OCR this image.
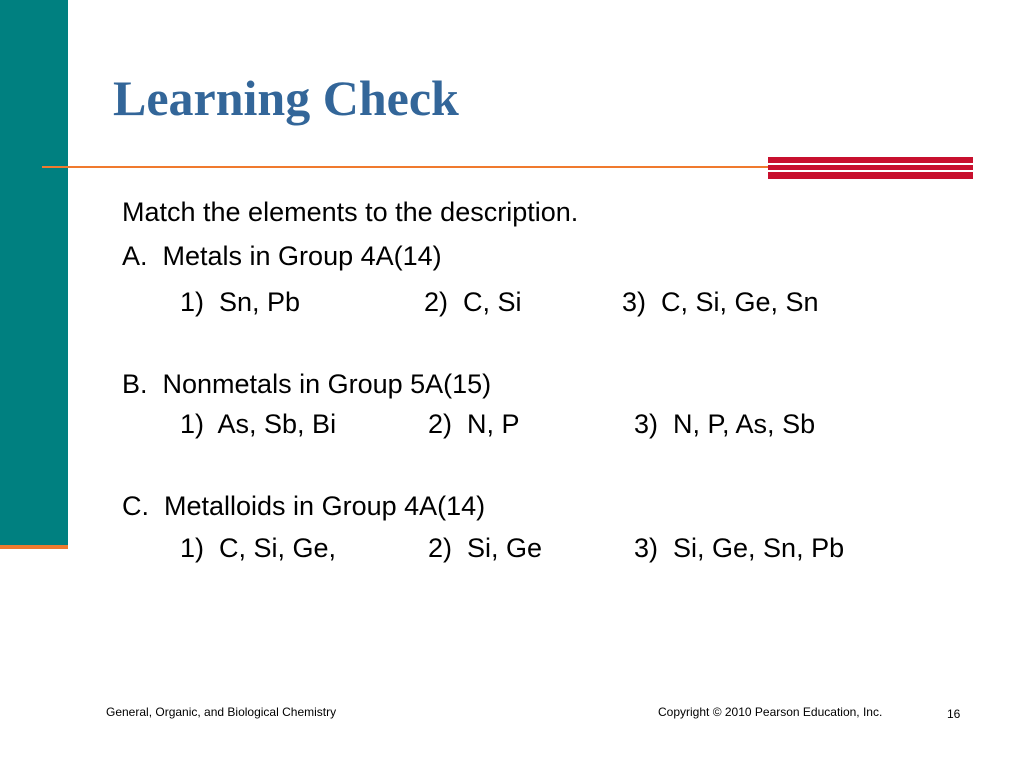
Learning Check
Match the elements to the description.
A.  Metals in Group 4A(14)
1)  Sn, Pb	2)  C, Si	3)  C, Si, Ge, Sn
B.  Nonmetals in Group 5A(15)
1)  As, Sb, Bi	2)  N, P	3)  N, P, As, Sb
C.  Metalloids in Group 4A(14)
1)  C, Si, Ge,	2)  Si, Ge	3)  Si, Ge, Sn, Pb
General, Organic, and Biological Chemistry	Copyright © 2010 Pearson Education, Inc.	16
